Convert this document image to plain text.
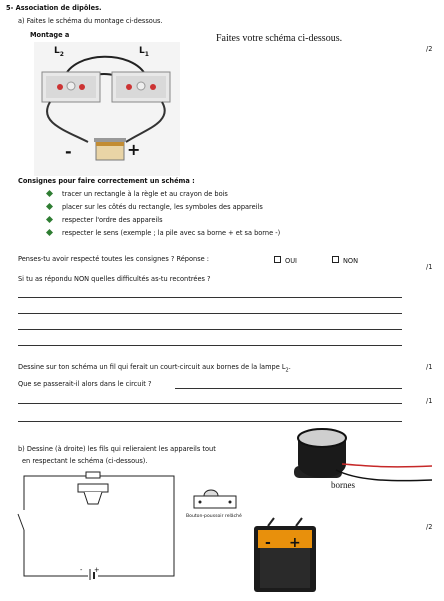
5- Association de dipôles.
a) Faites le schéma du montage ci-dessous.
Montage a	Faites votre schéma ci-dessous.
/2
$L_2$	$L_1$
-	+
Consignes pour faire correctement un schéma :
tracer un rectangle à la règle et au crayon de bois
placer sur les côtés du rectangle, les symboles des appareils
respecter l'ordre des appareils
respecter le sens (exemple ; la pile avec sa borne + et sa borne -)
Penses-tu avoir respecté toutes les consignes ? Réponse :	OUI	NON
/1
Si tu as répondu NON quelles difficultés as-tu recontrées ?
Dessine sur ton schéma un fil qui ferait un court-circuit aux bornes de la lampe $L_2$.	/1
Que se passerait-il alors dans le circuit ?
/1
b) Dessine (à droite) les fils qui relieraient les appareils tout
en respectant le schéma (ci-dessous).
bornes
/2
- +
Bouton-poussoir relâché
- +
